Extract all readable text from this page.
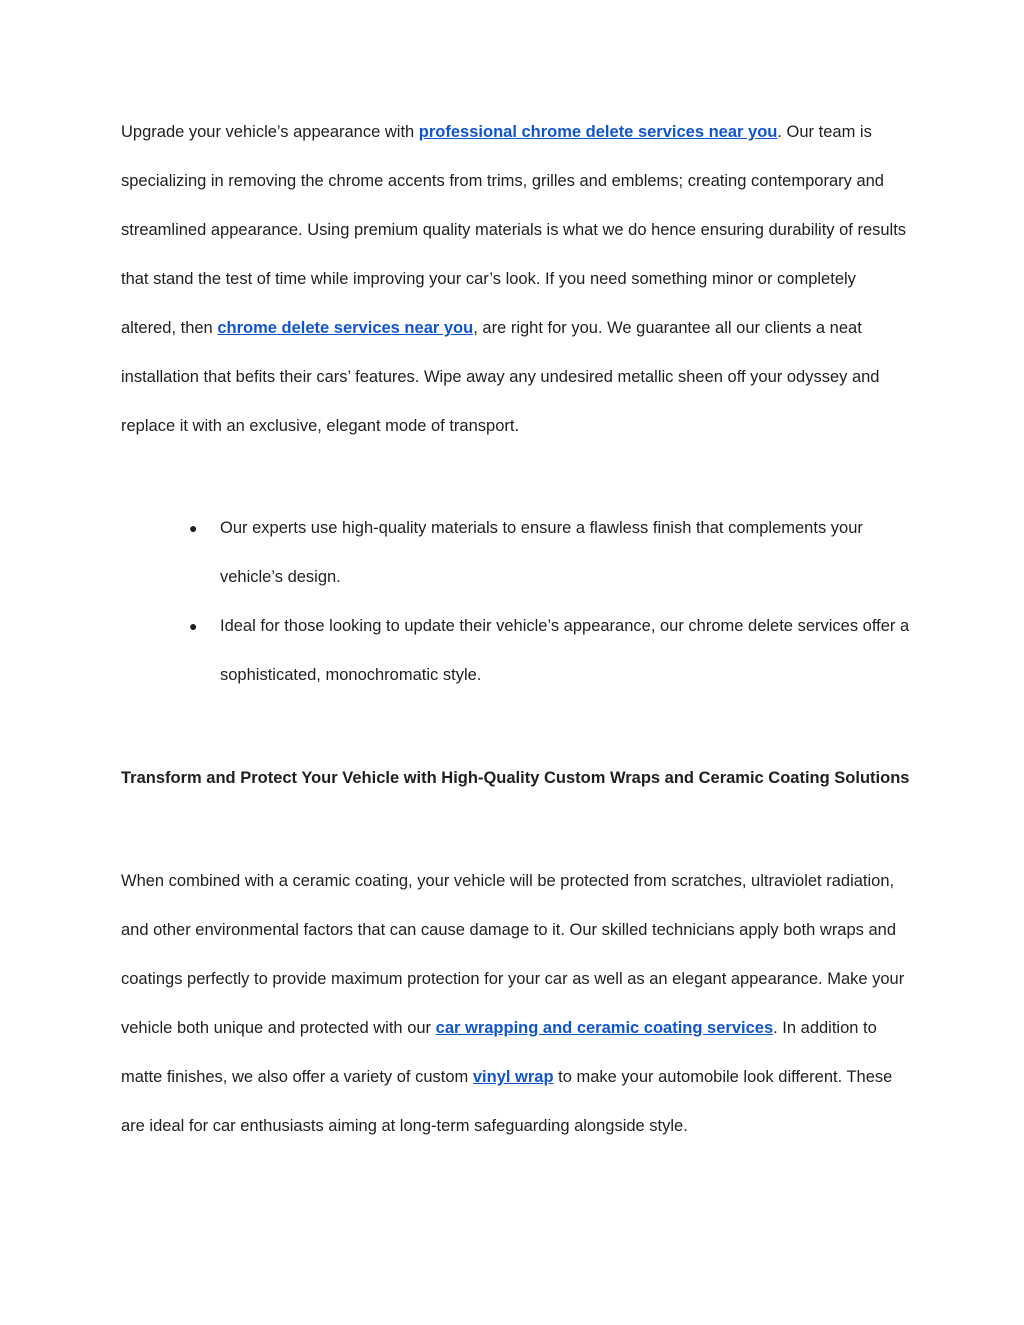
Upgrade your vehicle’s appearance with professional chrome delete services near you. Our team is specializing in removing the chrome accents from trims, grilles and emblems; creating contemporary and streamlined appearance. Using premium quality materials is what we do hence ensuring durability of results that stand the test of time while improving your car’s look. If you need something minor or completely altered, then chrome delete services near you, are right for you. We guarantee all our clients a neat installation that befits their cars’ features. Wipe away any undesired metallic sheen off your odyssey and replace it with an exclusive, elegant mode of transport.

● Our experts use high-quality materials to ensure a flawless finish that complements your vehicle’s design.
● Ideal for those looking to update their vehicle’s appearance, our chrome delete services offer a sophisticated, monochromatic style.
Transform and Protect Your Vehicle with High-Quality Custom Wraps and Ceramic Coating Solutions

When combined with a ceramic coating, your vehicle will be protected from scratches, ultraviolet radiation, and other environmental factors that can cause damage to it. Our skilled technicians apply both wraps and coatings perfectly to provide maximum protection for your car as well as an elegant appearance. Make your vehicle both unique and protected with our car wrapping and ceramic coating services. In addition to matte finishes, we also offer a variety of custom vinyl wrap to make your automobile look different. These are ideal for car enthusiasts aiming at long-term safeguarding alongside style.
